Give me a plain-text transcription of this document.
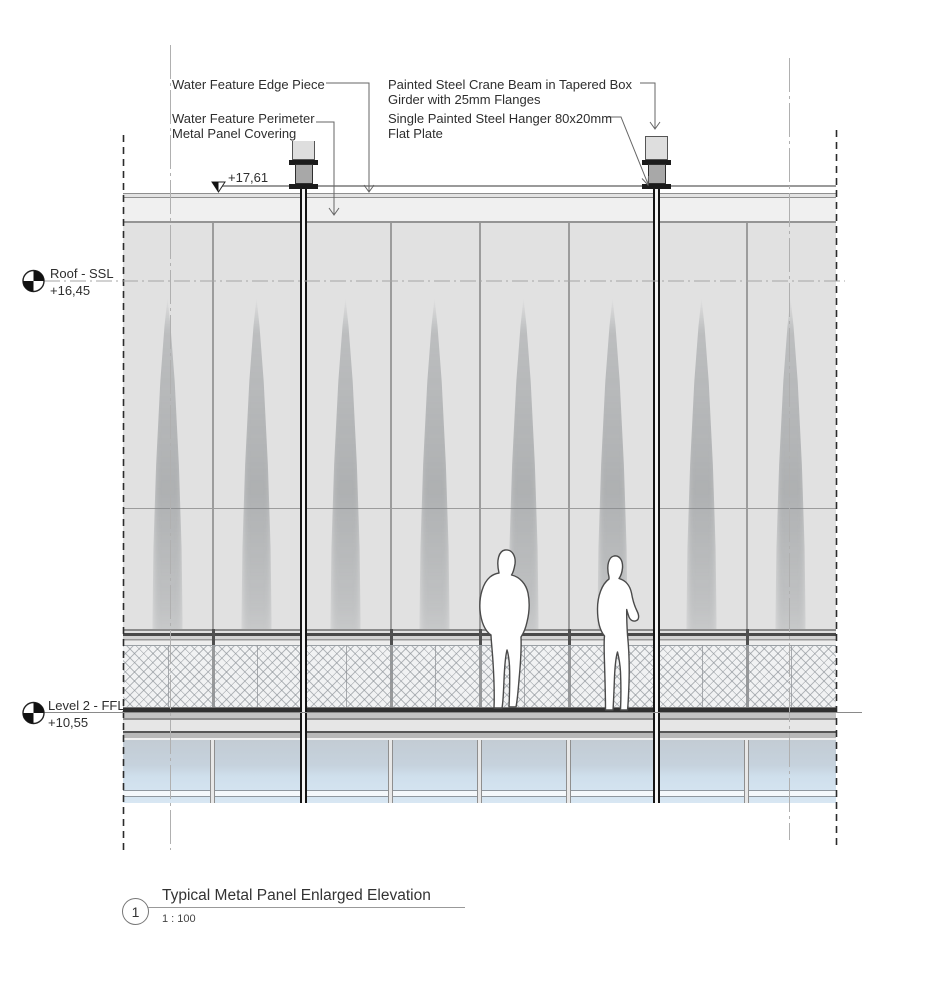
Water Feature Edge Piece
Water Feature Perimeter
Metal Panel Covering
Painted Steel Crane Beam in Tapered Box
Girder with 25mm Flanges
Single Painted Steel Hanger 80x20mm
Flat Plate
+17,61
Roof - SSL
+16,45
Level 2 - FFL
+10,55
1
Typical Metal Panel Enlarged Elevation
1 : 100
